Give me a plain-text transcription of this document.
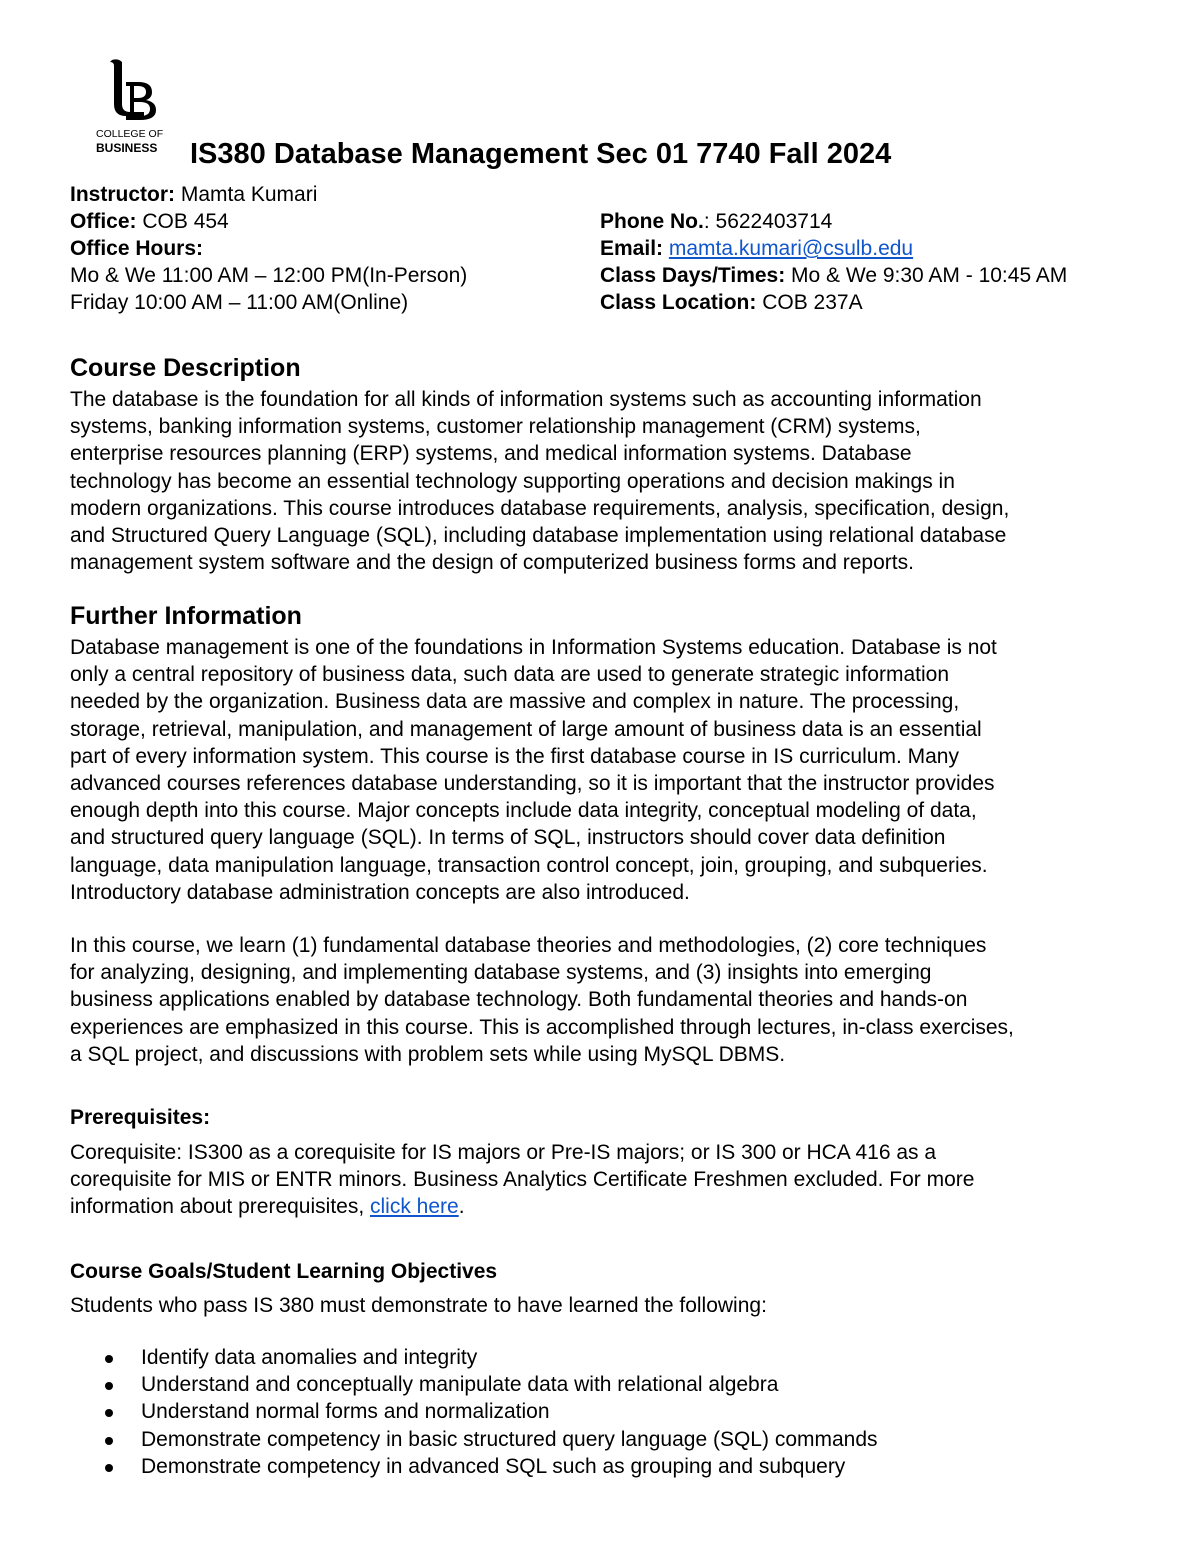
COLLEGE OF
BUSINESS	IS380 Database Management Sec 01 7740 Fall 2024
Instructor: Mamta Kumari
Office: COB 454
Office Hours:
Mo & We 11:00 AM – 12:00 PM(In-Person)
Friday 10:00 AM – 11:00 AM(Online)
Phone No.: 5622403714
Email: mamta.kumari@csulb.edu
Class Days/Times: Mo & We 9:30 AM - 10:45 AM
Class Location: COB 237A
Course Description

The database is the foundation for all kinds of information systems such as accounting information

systems, banking information systems, customer relationship management (CRM) systems,

enterprise resources planning (ERP) systems, and medical information systems. Database

technology has become an essential technology supporting operations and decision makings in

modern organizations. This course introduces database requirements, analysis, specification, design,

and Structured Query Language (SQL), including database implementation using relational database

management system software and the design of computerized business forms and reports.

Further Information

Database management is one of the foundations in Information Systems education. Database is not

only a central repository of business data, such data are used to generate strategic information

needed by the organization. Business data are massive and complex in nature. The processing,

storage, retrieval, manipulation, and management of large amount of business data is an essential

part of every information system. This course is the first database course in IS curriculum. Many

advanced courses references database understanding, so it is important that the instructor provides

enough depth into this course. Major concepts include data integrity, conceptual modeling of data,

and structured query language (SQL). In terms of SQL, instructors should cover data definition

language, data manipulation language, transaction control concept, join, grouping, and subqueries.

Introductory database administration concepts are also introduced.

In this course, we learn (1) fundamental database theories and methodologies, (2) core techniques

for analyzing, designing, and implementing database systems, and (3) insights into emerging

business applications enabled by database technology. Both fundamental theories and hands-on

experiences are emphasized in this course. This is accomplished through lectures, in-class exercises,

a SQL project, and discussions with problem sets while using MySQL DBMS.

Prerequisites:

Corequisite: IS300 as a corequisite for IS majors or Pre-IS majors; or IS 300 or HCA 416 as a

corequisite for MIS or ENTR minors. Business Analytics Certificate Freshmen excluded. For more

information about prerequisites, click here.

Course Goals/Student Learning Objectives

Students who pass IS 380 must demonstrate to have learned the following:

Identify data anomalies and integrity
Understand and conceptually manipulate data with relational algebra
Understand normal forms and normalization
Demonstrate competency in basic structured query language (SQL) commands
Demonstrate competency in advanced SQL such as grouping and subquery
